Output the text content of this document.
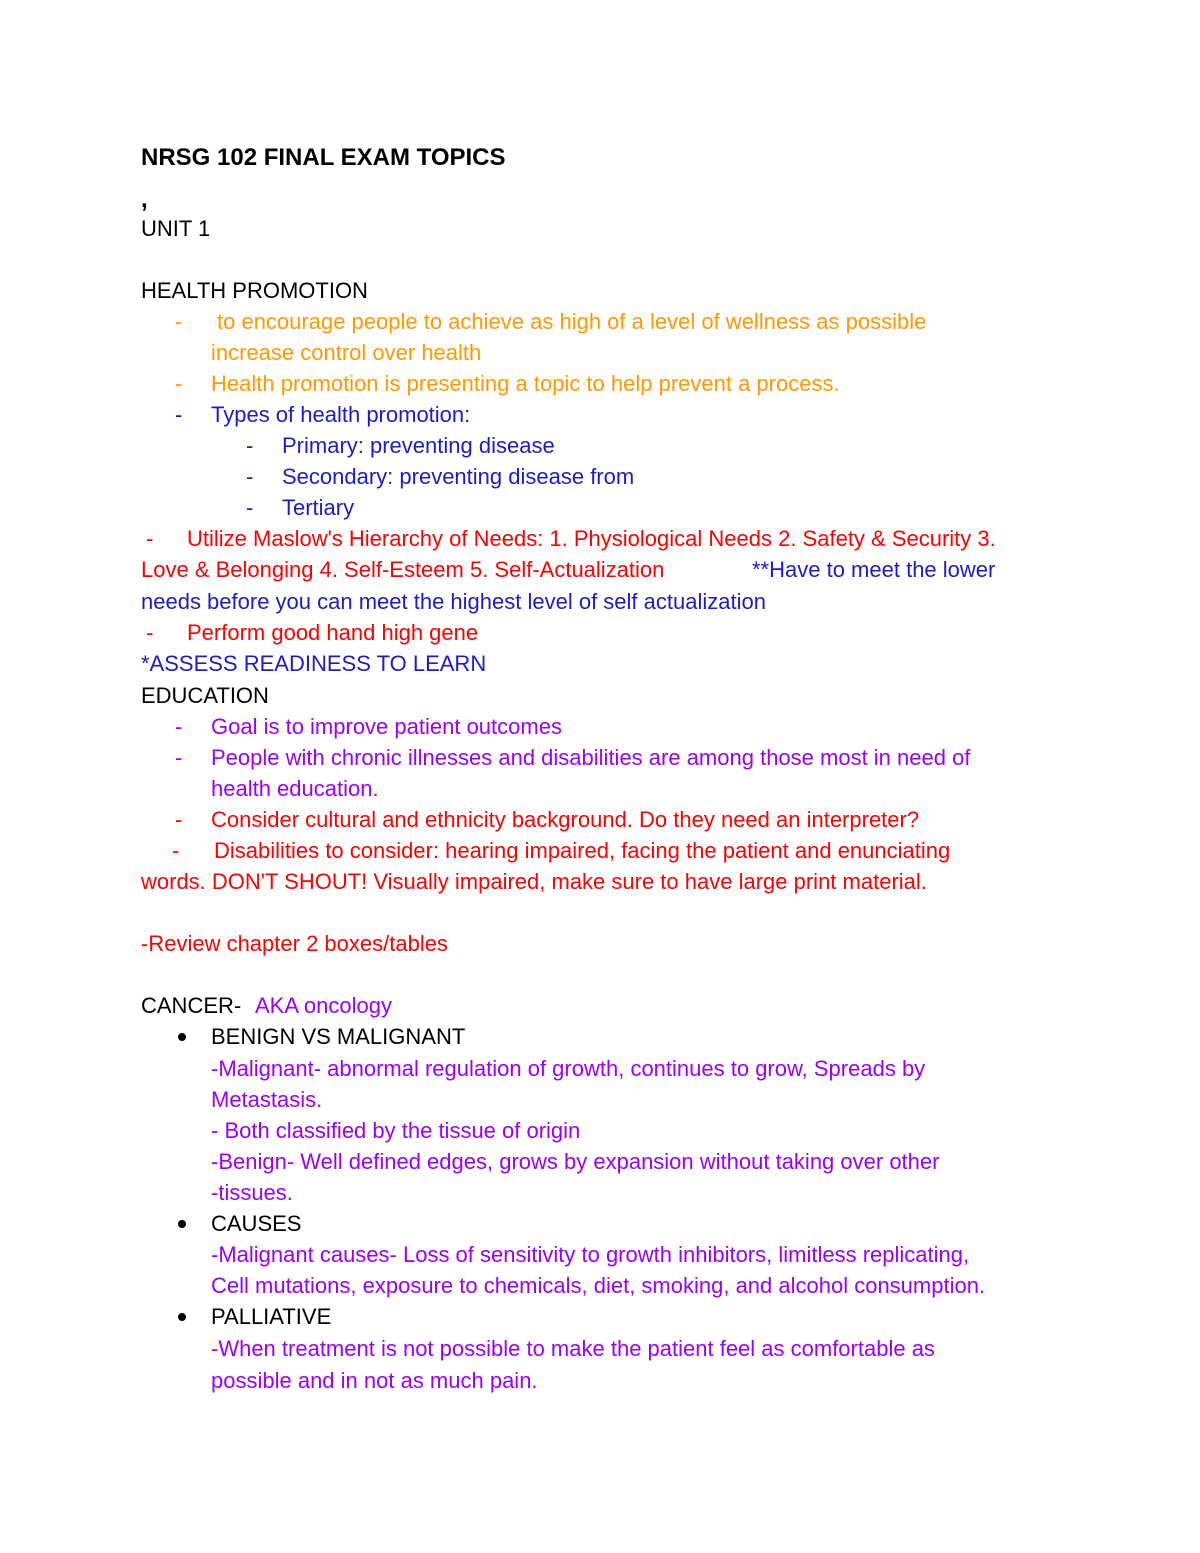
NRSG 102 FINAL EXAM TOPICS
,
UNIT 1
HEALTH PROMOTION
- to encourage people to achieve as high of a level of wellness as possible
increase control over health
- Health promotion is presenting a topic to help prevent a process.
- Types of health promotion:
- Primary: preventing disease
- Secondary: preventing disease from
- Tertiary
- Utilize Maslow's Hierarchy of Needs: 1. Physiological Needs 2. Safety & Security 3.
Love & Belonging 4. Self-Esteem 5. Self-Actualization	**Have to meet the lower
needs before you can meet the highest level of self actualization
- Perform good hand high gene
*ASSESS READINESS TO LEARN
EDUCATION
- Goal is to improve patient outcomes
- People with chronic illnesses and disabilities are among those most in need of
health education.
- Consider cultural and ethnicity background. Do they need an interpreter?
- Disabilities to consider: hearing impaired, facing the patient and enunciating
words. DON'T SHOUT! Visually impaired, make sure to have large print material.
-Review chapter 2 boxes/tables
CANCER- AKA oncology
BENIGN VS MALIGNANT
-Malignant- abnormal regulation of growth, continues to grow, Spreads by
Metastasis.
- Both classified by the tissue of origin
-Benign- Well defined edges, grows by expansion without taking over other
-tissues.
CAUSES
-Malignant causes- Loss of sensitivity to growth inhibitors, limitless replicating,
Cell mutations, exposure to chemicals, diet, smoking, and alcohol consumption.
PALLIATIVE
-When treatment is not possible to make the patient feel as comfortable as
possible and in not as much pain.
